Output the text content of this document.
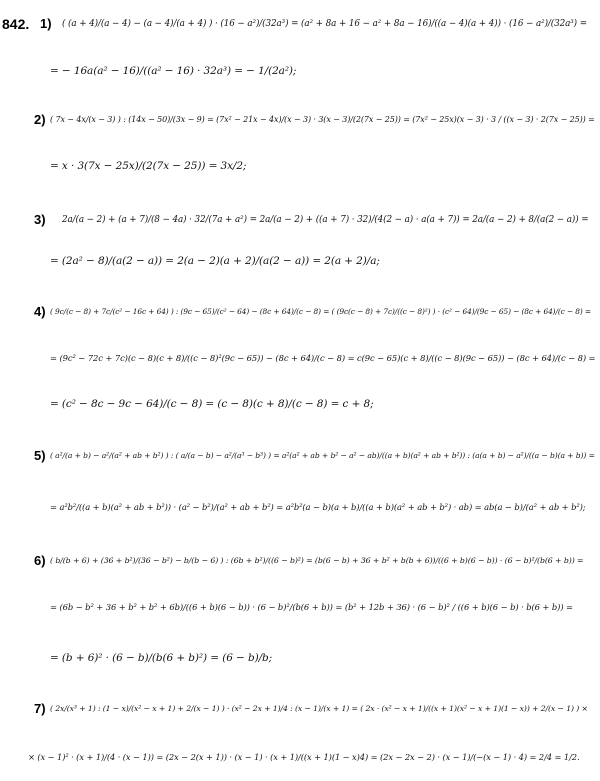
842. 1) ( (a + 4)/(a − 4) − (a − 4)/(a + 4) ) · (16 − a²)/(32a³) = (a² + 8a + 16 − a² + 8a − 16)/((a − 4)(a + 4)) · (16 − a²)/(32a³) =
= − 16a(a² − 16)/((a² − 16) · 32a³) = − 1/(2a²);
2) ( 7x − 4x/(x − 3) ) : (14x − 50)/(3x − 9) = (7x² − 21x − 4x)/(x − 3) · 3(x − 3)/(2(7x − 25)) = (7x² − 25x)(x − 3) · 3 / ((x − 3) · 2(7x − 25)) =
= x · 3(7x − 25x)/(2(7x − 25)) = 3x/2;
3) 2a/(a − 2) + (a + 7)/(8 − 4a) · 32/(7a + a²) = 2a/(a − 2) + ((a + 7) · 32)/(4(2 − a) · a(a + 7)) = 2a/(a − 2) + 8/(a(2 − a)) =
= (2a² − 8)/(a(2 − a)) = 2(a − 2)(a + 2)/(a(2 − a)) = 2(a + 2)/a;
4) ( 9c/(c − 8) + 7c/(c² − 16c + 64) ) : (9c − 65)/(c² − 64) − (8c + 64)/(c − 8) = ( (9c(c − 8) + 7c)/((c − 8)²) ) · (c² − 64)/(9c − 65) − (8c + 64)/(c − 8) =
= (9c² − 72c + 7c)(c − 8)(c + 8)/((c − 8)²(9c − 65)) − (8c + 64)/(c − 8) = c(9c − 65)(c + 8)/((c − 8)(9c − 65)) − (8c + 64)/(c − 8) =
= (c² − 8c − 9c − 64)/(c − 8) = (c − 8)(c + 8)/(c − 8) = c + 8;
5) ( a²/(a + b) − a²/(a² + ab + b²) ) : ( a/(a − b) − a²/(a³ − b³) ) = a²(a² + ab + b² − a² − ab)/((a + b)(a² + ab + b²)) : (a(a + b) − a²)/((a − b)(a + b)) =
= a²b²/((a + b)(a² + ab + b²)) · (a² − b²)/(a² + ab + b²) = a²b²(a − b)(a + b)/((a + b)(a² + ab + b²) · ab) = ab(a − b)/(a² + ab + b²);
6) ( b/(b + 6) + (36 + b²)/(36 − b²) − b/(b − 6) ) : (6b + b²)/((6 − b)²) = (b(6 − b) + 36 + b² + b(b + 6))/((6 + b)(6 − b)) · (6 − b)²/(b(6 + b)) =
= (6b − b² + 36 + b² + b² + 6b)/((6 + b)(6 − b)) · (6 − b)²/(b(6 + b)) = (b² + 12b + 36) · (6 − b)² / ((6 + b)(6 − b) · b(6 + b)) =
= (b + 6)² · (6 − b)/(b(6 + b)²) = (6 − b)/b;
7) ( 2x/(x³ + 1) : (1 − x)/(x² − x + 1) + 2/(x − 1) ) · (x² − 2x + 1)/4 : (x − 1)/(x + 1) = ( 2x · (x² − x + 1)/((x + 1)(x² − x + 1)(1 − x)) + 2/(x − 1) ) ×
× (x − 1)² · (x + 1)/(4 · (x − 1)) = (2x − 2(x + 1)) · (x − 1) · (x + 1)/((x + 1)(1 − x)4) = (2x − 2x − 2) · (x − 1)/(−(x − 1) · 4) = 2/4 = 1/2.
